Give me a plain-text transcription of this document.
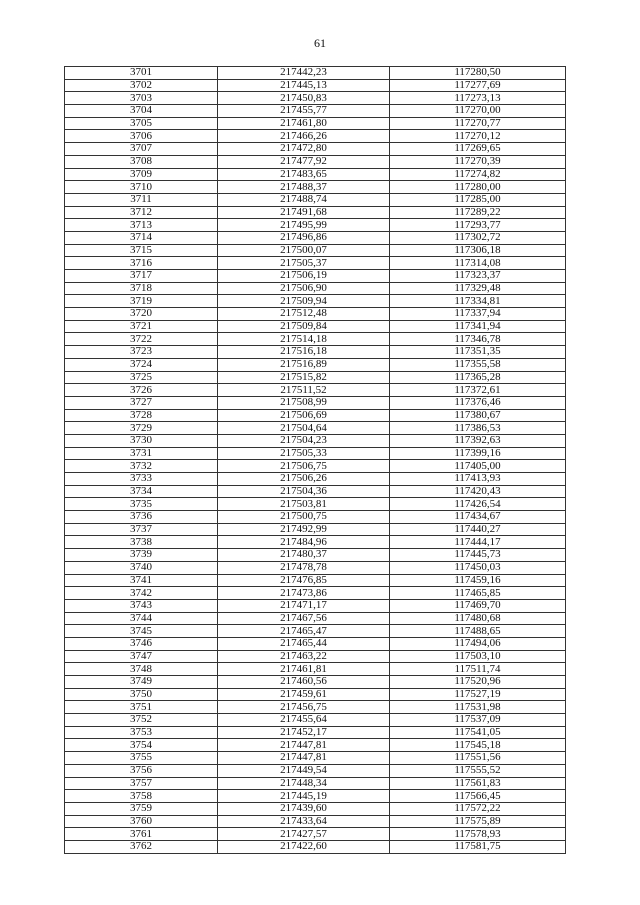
61
3701	217442,23	117280,50
3702	217445,13	117277,69
3703	217450,83	117273,13
3704	217455,77	117270,00
3705	217461,80	117270,77
3706	217466,26	117270,12
3707	217472,80	117269,65
3708	217477,92	117270,39
3709	217483,65	117274,82
3710	217488,37	117280,00
3711	217488,74	117285,00
3712	217491,68	117289,22
3713	217495,99	117293,77
3714	217496,86	117302,72
3715	217500,07	117306,18
3716	217505,37	117314,08
3717	217506,19	117323,37
3718	217506,90	117329,48
3719	217509,94	117334,81
3720	217512,48	117337,94
3721	217509,84	117341,94
3722	217514,18	117346,78
3723	217516,18	117351,35
3724	217516,89	117355,58
3725	217515,82	117365,28
3726	217511,52	117372,61
3727	217508,99	117376,46
3728	217506,69	117380,67
3729	217504,64	117386,53
3730	217504,23	117392,63
3731	217505,33	117399,16
3732	217506,75	117405,00
3733	217506,26	117413,93
3734	217504,36	117420,43
3735	217503,81	117426,54
3736	217500,75	117434,67
3737	217492,99	117440,27
3738	217484,96	117444,17
3739	217480,37	117445,73
3740	217478,78	117450,03
3741	217476,85	117459,16
3742	217473,86	117465,85
3743	217471,17	117469,70
3744	217467,56	117480,68
3745	217465,47	117488,65
3746	217465,44	117494,06
3747	217463,22	117503,10
3748	217461,81	117511,74
3749	217460,56	117520,96
3750	217459,61	117527,19
3751	217456,75	117531,98
3752	217455,64	117537,09
3753	217452,17	117541,05
3754	217447,81	117545,18
3755	217447,81	117551,56
3756	217449,54	117555,52
3757	217448,34	117561,83
3758	217445,19	117566,45
3759	217439,60	117572,22
3760	217433,64	117575,89
3761	217427,57	117578,93
3762	217422,60	117581,75
